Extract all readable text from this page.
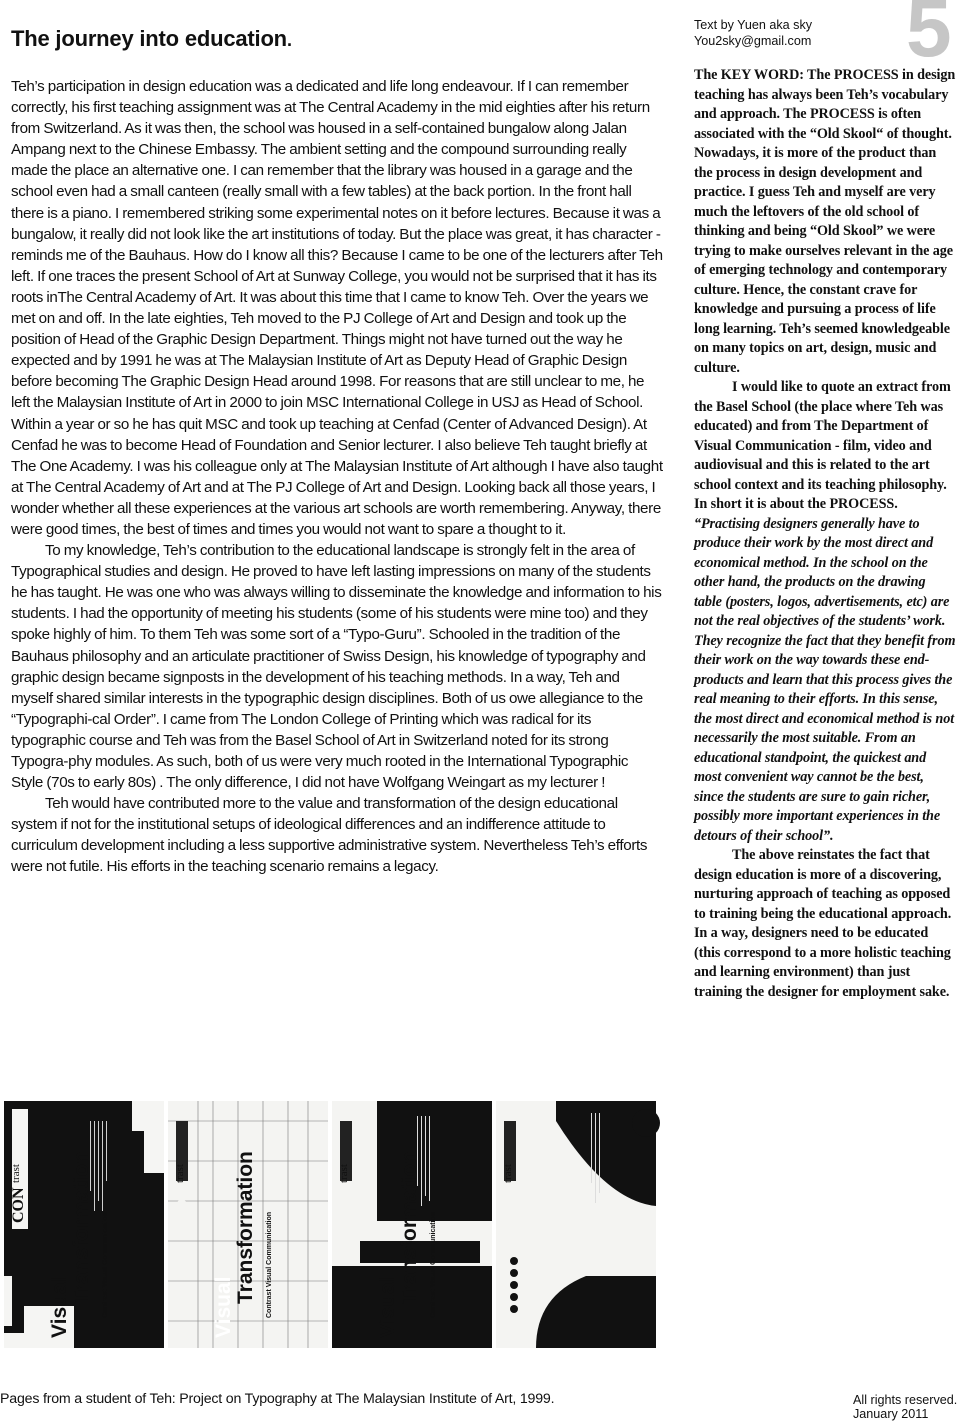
The journey into education.
Text by Yuen aka sky
You2sky@gmail.com 5

Teh’s participation in design education was a dedicated and life long endeavour. If I can remember correctly, his first teaching assignment was at The Central Academy in the mid eighties after his return from Switzerland. As it was then, the school was housed in a self-contained bungalow along Jalan Ampang next to the Chinese Embassy. The ambient setting and the compound surrounding really made the place an alternative one. I can remember that the library was housed in a garage and the school even had a small canteen (really small with a few tables) at the back portion. In the front hall there is a piano. I remembered striking some experimental notes on it before lectures. Because it was a bungalow, it really did not look like the art institutions of today. But the place was great, it has character - reminds me of the Bauhaus. How do I know all this? Because I came to be one of the lecturers after Teh left. If one traces the present School of Art at Sunway College, you would not be surprised that it has its roots inThe Central Academy of Art. It was about this time that I came to know Teh. Over the years we met on and off. In the late eighties, Teh moved to the PJ College of Art and Design and took up the position of Head of the Graphic Design Department. Things might not have turned out the way he expected and by 1991 he was at The Malaysian Institute of Art as Deputy Head of Graphic Design before becoming The Graphic Design Head around 1998. For reasons that are still unclear to me, he left the Malaysian Institute of Art in 2000 to join MSC International College in USJ as Head of School. Within a year or so he has quit MSC and took up teaching at Cenfad (Center of Advanced Design). At Cenfad he was to become Head of Foundation and Senior lecturer. I also believe Teh taught briefly at The One Academy. I was his colleague only at The Malaysian Institute of Art although I have also taught at The Central Academy of Art and at The PJ College of Art and Design. Looking back all those years, I wonder whether all these experiences at the various art schools are worth remembering. Anyway, there were good times, the best of times and times you would not want to spare a thought to it.

To my knowledge, Teh’s contribution to the educational landscape is strongly felt in the area of Typographical studies and design. He proved to have left lasting impressions on many of the students he has taught. He was one who was always willing to disseminate the knowledge and information to his students. I had the opportunity of meeting his students (some of his students were mine too) and they spoke highly of him. To them Teh was some sort of a “Typo-Guru”. Schooled in the tradition of the Bauhaus philosophy and an articulate practitioner of Swiss Design, his knowledge of typography and graphic design became signposts in the development of his teaching methods. In a way, Teh and myself shared similar interests in the typographic design disciplines. Both of us owe allegiance to the “Typographi-cal Order”. I came from The London College of Printing which was radical for its typographic course and Teh was from the Basel School of Art in Switzerland noted for its strong Typogra-phy modules. As such, both of us were very much rooted in the International Typographic Style (70s to early 80s) . The only difference, I did not have Wolfgang Weingart as my lecturer !

Teh would have contributed more to the value and transformation of the design educational system if not for the institutional setups of ideological differences and an indifference attitude to curriculum development including a less supportive administrative system. Nevertheless Teh’s efforts were not futile. His efforts in the teaching scenario remains a legacy.

The KEY WORD: The PROCESS in design teaching has always been Teh’s vocabulary and approach. The PROCESS is often associated with the “Old Skool“ of thought. Nowadays, it is more of the product than the process in design development and practice. I guess Teh and myself are very much the leftovers of the old school of thinking and being “Old Skool” we were trying to make ourselves relevant in the age of emerging technology and contemporary culture. Hence, the constant crave for knowledge and pursuing a process of life long learning. Teh’s seemed knowledgeable on many topics on art, design, music and culture.

I would like to quote an extract from the Basel School (the place where Teh was educated) and from The Department of Visual Communication - film, video and audiovisual and this is related to the art school context and its teaching philosophy. In short it is about the PROCESS.

“Practising designers generally have to produce their work by the most direct and economical method. In the school on the other hand, the products on the drawing table (posters, logos, advertisements, etc) are not the real objectives of the students’ work. They recognize the fact that they benefit from their work on the way towards these end-products and learn that this process gives the real meaning to their efforts. In this sense, the most direct and economical method is not necessarily the most suitable. From an educational standpoint, the quickest and most convenient way cannot be the best, since the students are sure to gain richer, possibly more important experiences in the detours of their school”.

The above reinstates the fact that design education is more of a discovering, nurturing approach of teaching as opposed to training being the educational approach. In a way, designers need to be educated (this correspond to a more holistic teaching and learning environment) than just training the designer for employment sake.

CON
trast
Visual
Transformation Contrast Visual Communication
CON
trast
Visual
Transformation Contrast Visual Communication
CON
trast
Visual
Transformation Contrast Visual Communication
CON
trast
Pages from a student of Teh: Project on Typography at The Malaysian Institute of Art, 1999.	All rights reserved.
January 2011
